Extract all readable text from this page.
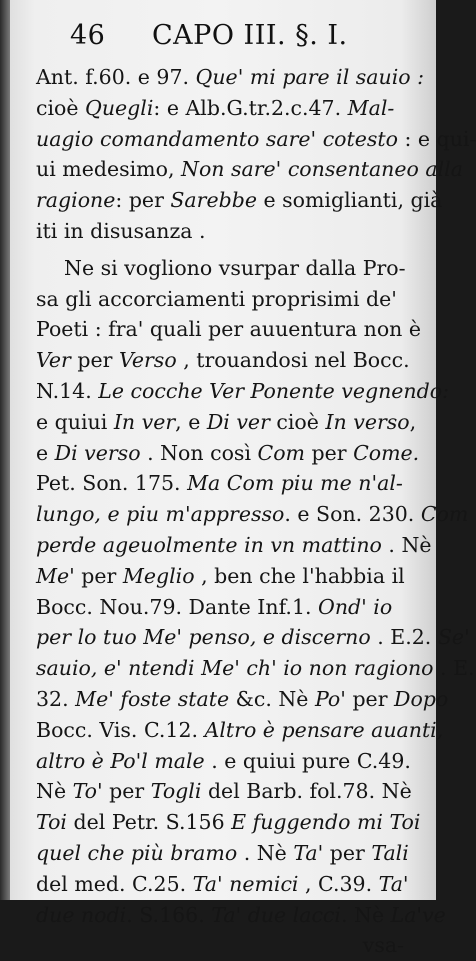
46 CAPO III. §. I.
Ant. f.60. e 97. Que' mi pare il sauio :
cioè Quegli: e Alb.G.tr.2.c.47. Mal-
uagio comandamento sare' cotesto : e qui-
ui medesimo, Non sare' consentaneo alla
ragione: per Sarebbe e somiglianti, già
iti in disusanza .
Ne si vogliono vsurpar dalla Pro-
sa gli accorciamenti proprisimi de'
Poeti : fra' quali per auuentura non è
Ver per Verso , trouandosi nel Bocc.
N.14. Le cocche Ver Ponente vegnendo:
e quiui In ver, e Di ver cioè In verso,
e Di verso . Non così Com per Come.
Pet. Son. 175. Ma Com piu me n'al-
lungo, e piu m'appresso. e Son. 230. Com
perde ageuolmente in vn mattino . Nè
Me' per Meglio , ben che l'habbia il
Bocc. Nou.79. Dante Inf.1. Ond' io
per lo tuo Me' penso, e discerno . E.2. Se'
sauio, e' ntendi Me' ch' io non ragiono . E.
32. Me' foste state &c. Nè Po' per Dopo
Bocc. Vis. C.12. Altro è pensare auanti,
altro è Po'l male . e quiui pure C.49.
Nè To' per Togli del Barb. fol.78. Nè
Toi del Petr. S.156 E fuggendo mi Toi
quel che più bramo . Nè Ta' per Tali
del med. C.25. Ta' nemici , C.39. Ta'
due nodi. S.166. Ta' due lacci. Nè La've
vsa-
